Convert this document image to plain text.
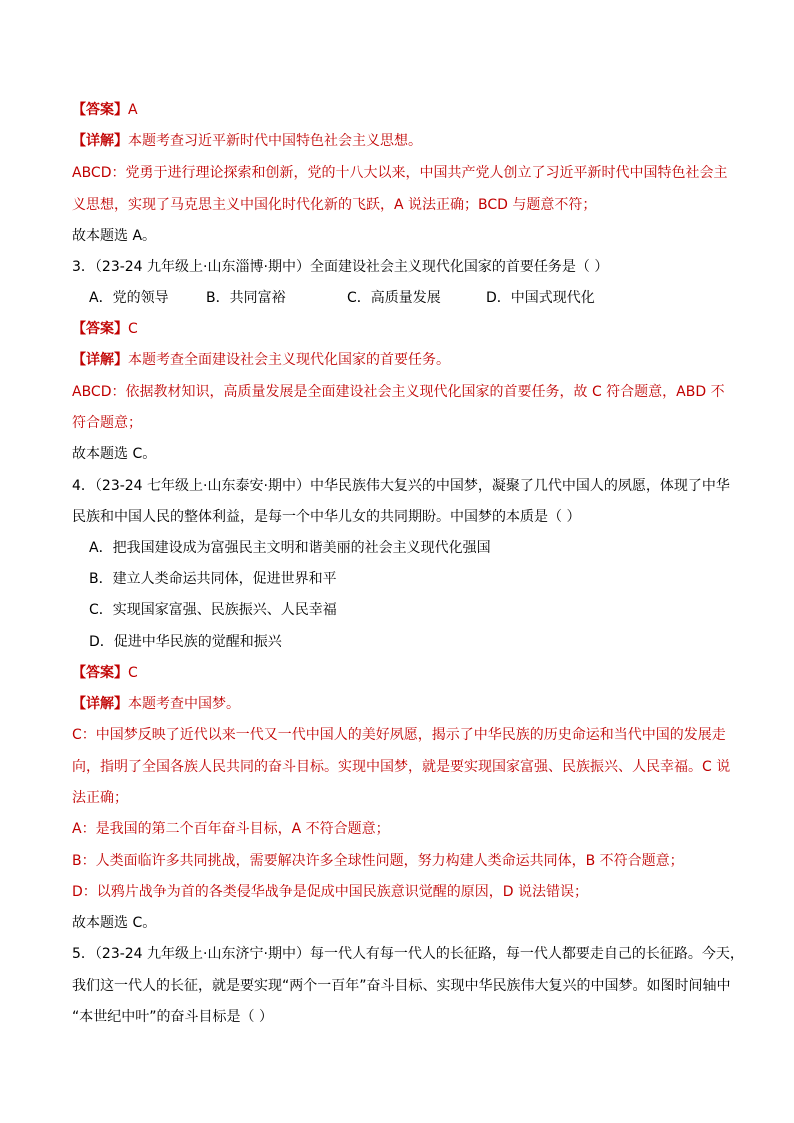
【答案】A
【详解】本题考查习近平新时代中国特色社会主义思想。
ABCD：党勇于进行理论探索和创新，党的十八大以来，中国共产党人创立了习近平新时代中国特色社会主
义思想，实现了马克思主义中国化时代化新的飞跃，A 说法正确；BCD 与题意不符；
故本题选 A。
3．（23-24 九年级上·山东淄博·期中）全面建设社会主义现代化国家的首要任务是（ ）
A．党的领导	B．共同富裕	C．高质量发展	D．中国式现代化
【答案】C
【详解】本题考查全面建设社会主义现代化国家的首要任务。
ABCD：依据教材知识，高质量发展是全面建设社会主义现代化国家的首要任务，故 C 符合题意，ABD 不
符合题意；
故本题选 C。
4．（23-24 七年级上·山东泰安·期中）中华民族伟大复兴的中国梦，凝聚了几代中国人的夙愿，体现了中华
民族和中国人民的整体利益，是每一个中华儿女的共同期盼。中国梦的本质是（ ）
A．把我国建设成为富强民主文明和谐美丽的社会主义现代化强国
B．建立人类命运共同体，促进世界和平
C．实现国家富强、民族振兴、人民幸福
D．促进中华民族的觉醒和振兴
【答案】C
【详解】本题考查中国梦。
C：中国梦反映了近代以来一代又一代中国人的美好夙愿，揭示了中华民族的历史命运和当代中国的发展走
向，指明了全国各族人民共同的奋斗目标。实现中国梦，就是要实现国家富强、民族振兴、人民幸福。C 说
法正确；
A：是我国的第二个百年奋斗目标，A 不符合题意；
B：人类面临许多共同挑战，需要解决许多全球性问题，努力构建人类命运共同体，B 不符合题意；
D：以鸦片战争为首的各类侵华战争是促成中国民族意识觉醒的原因，D 说法错误；
故本题选 C。
5．（23-24 九年级上·山东济宁·期中）每一代人有每一代人的长征路，每一代人都要走自己的长征路。今天，
我们这一代人的长征，就是要实现“两个一百年”奋斗目标、实现中华民族伟大复兴的中国梦。如图时间轴中
“本世纪中叶”的奋斗目标是（ ）
